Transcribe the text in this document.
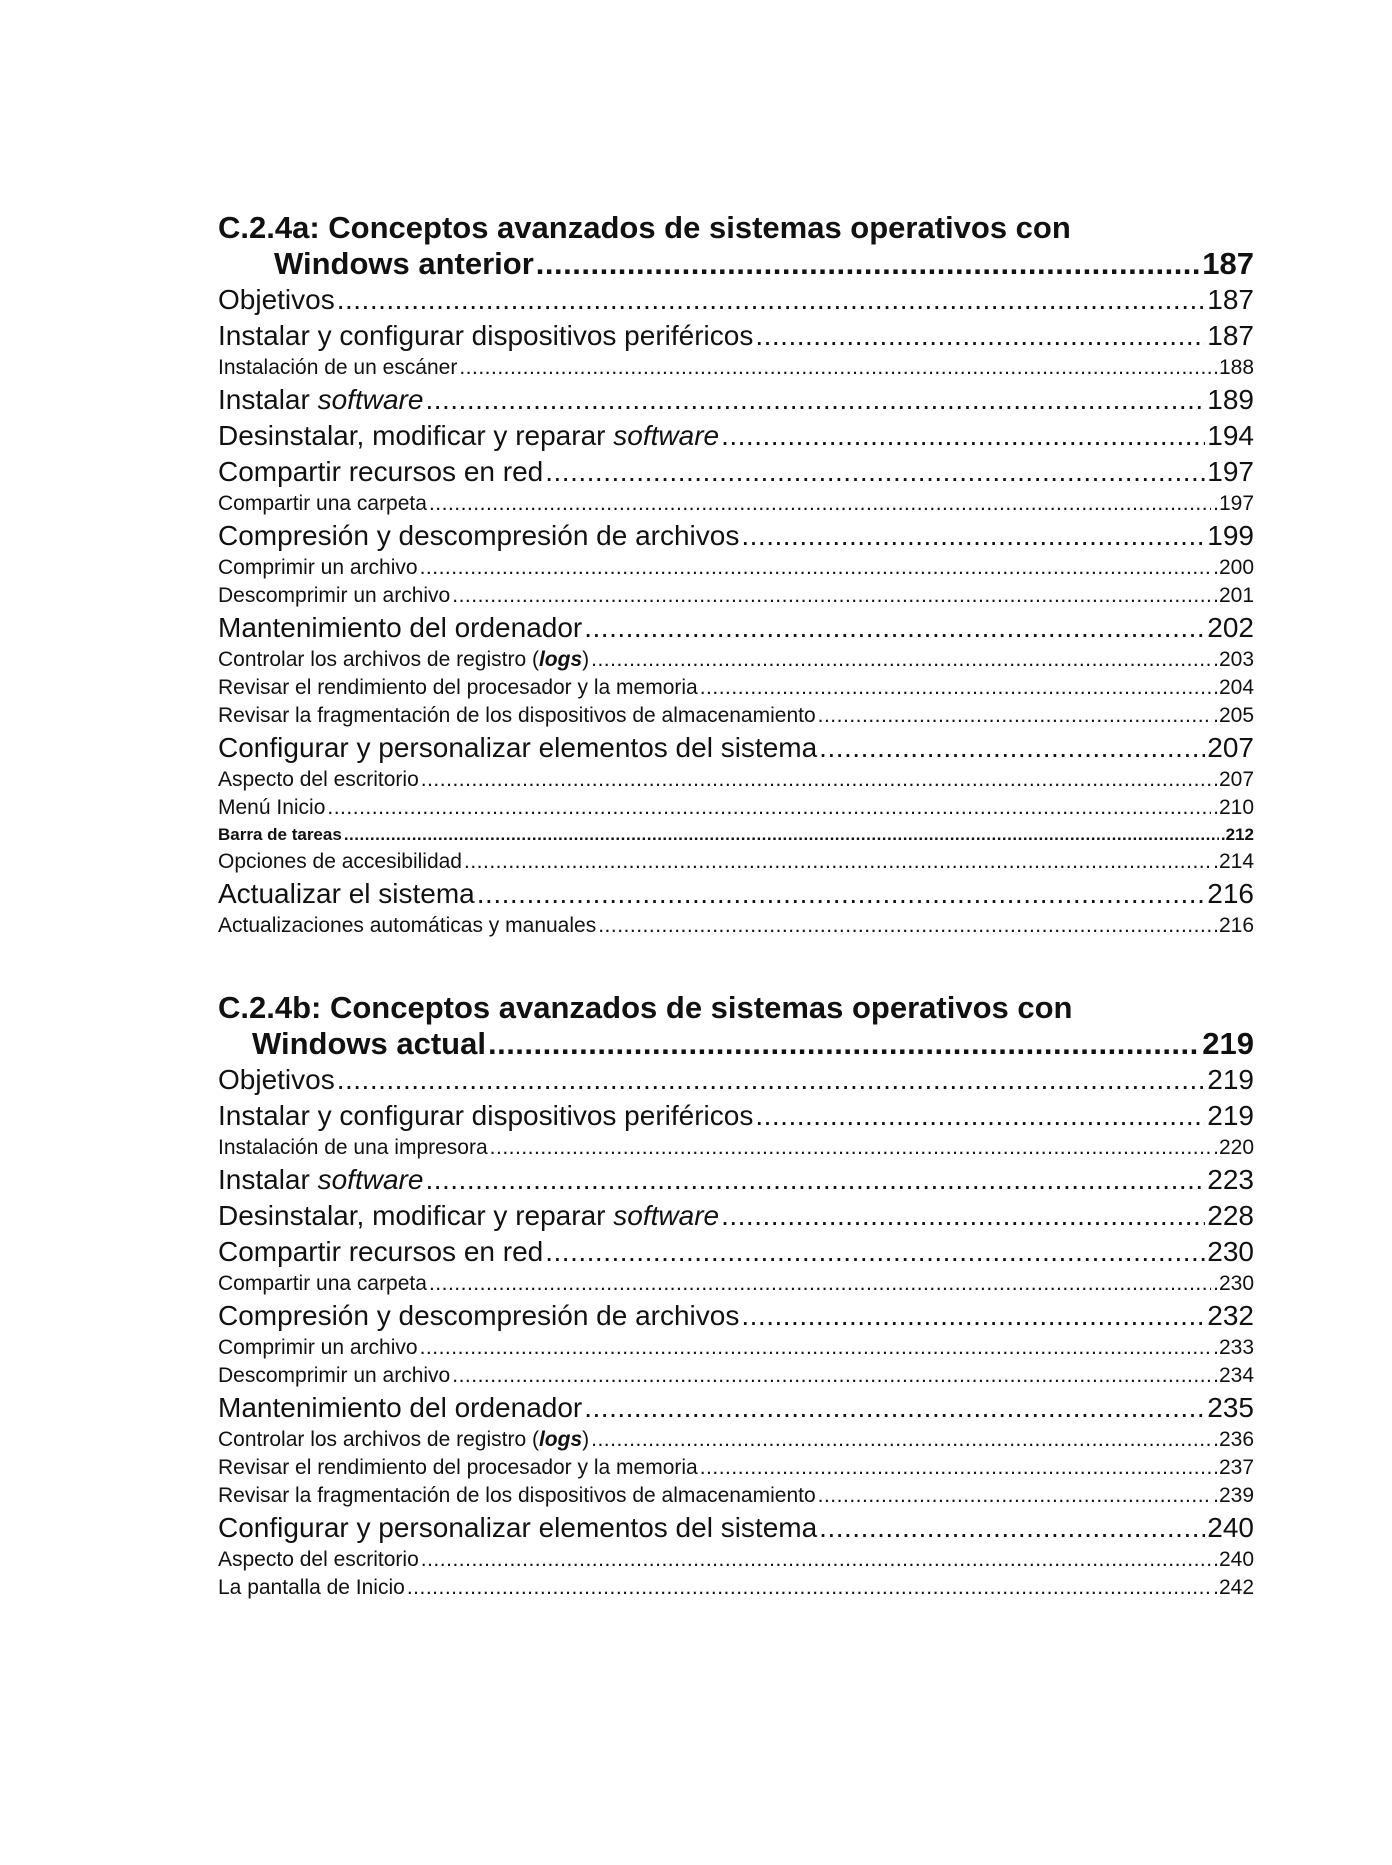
C.2.4a: Conceptos avanzados de sistemas operativos con
Windows anterior .....	187
Objetivos .....	187
Instalar y configurar dispositivos periféricos .....	187
Instalación de un escáner .....	.188
Instalar software .....	189
Desinstalar, modificar y reparar software .....	194
Compartir recursos en red .....	197
Compartir una carpeta .....	.197
Compresión y descompresión de archivos .....	199
Comprimir un archivo .....	.200
Descomprimir un archivo .....	.201
Mantenimiento del ordenador .....	202
Controlar los archivos de registro (logs) .....	.203
Revisar el rendimiento del procesador y la memoria .....	.204
Revisar la fragmentación de los dispositivos de almacenamiento .....	.205
Configurar y personalizar elementos del sistema .....	207
Aspecto del escritorio .....	.207
Menú Inicio .....	.210
Barra de tareas .....	.212
Opciones de accesibilidad .....	.214
Actualizar el sistema .....	216
Actualizaciones automáticas y manuales .....	.216
C.2.4b: Conceptos avanzados de sistemas operativos con
Windows actual .....	219
Objetivos .....	219
Instalar y configurar dispositivos periféricos .....	219
Instalación de una impresora .....	.220
Instalar software .....	223
Desinstalar, modificar y reparar software .....	228
Compartir recursos en red .....	230
Compartir una carpeta .....	.230
Compresión y descompresión de archivos .....	232
Comprimir un archivo .....	.233
Descomprimir un archivo .....	.234
Mantenimiento del ordenador .....	235
Controlar los archivos de registro (logs) .....	.236
Revisar el rendimiento del procesador y la memoria .....	.237
Revisar la fragmentación de los dispositivos de almacenamiento .....	.239
Configurar y personalizar elementos del sistema .....	240
Aspecto del escritorio .....	.240
La pantalla de Inicio .....	.242
